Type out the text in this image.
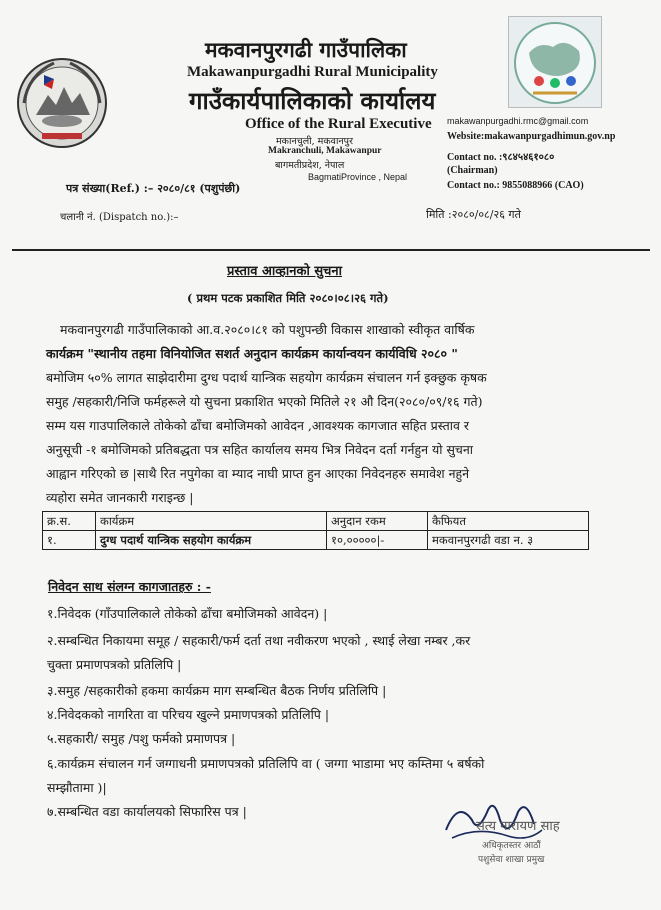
मकवानपुरगढी गाउँपालिका
Makawanpurgadhi Rural Municipality
गाउँकार्यपालिकाको कार्यालय
Office of the Rural Executive
मकानचुली, मकवानपुर
Makranchuli, Makawanpur
बागमतीप्रदेश, नेपाल
BagmatiProvince , Nepal
makawanpurgadhi.rmc@gmail.com
Website:makawanpurgadhimun.gov.np
Contact no. :९८४५४६१०८०
(Chairman)
Contact no.: 9855088966 (CAO)
पत्र संख्या(Ref.) :– २०८०/८१ (पशुपंछी)
चलानी नं. (Dispatch no.):–	मिति :२०८०/०८/२६ गते
प्रस्ताव आव्हानको सुचना
( प्रथम पटक प्रकाशित मिति २०८०।०८।२६ गते)
मकवानपुरगढी गाउँपालिकाको आ.व.२०८०।८१ को पशुपन्छी विकास शाखाको स्वीकृत वार्षिक
कार्यक्रम "स्थानीय तहमा विनियोजित सशर्त अनुदान कार्यक्रम कार्यान्वयन कार्यविधि २०८० "
बमोजिम ५०% लागत साझेदारीमा दुग्ध पदार्थ यान्त्रिक सहयोग कार्यक्रम संचालन गर्न इक्छुक कृषक
समुह /सहकारी/निजि फर्महरूले यो सुचना प्रकाशित भएको मितिले २१ औ दिन(२०८०/०९/१६ गते)
सम्म यस गाउपालिकाले तोकेको ढाँचा बमोजिमको आवेदन ,आवश्यक कागजात सहित प्रस्ताव र
अनुसूची -१ बमोजिमको प्रतिबद्धता पत्र सहित कार्यालय समय भित्र निवेदन दर्ता गर्नहुन यो सुचना
आह्वान गरिएको छ |साथै रित नपुगेका वा म्याद नाघी प्राप्त हुन आएका निवेदनहरु समावेश नहुने
व्यहोरा समेत जानकारी गराइन्छ |
क्र.स.	कार्यक्रम	अनुदान रकम	कैफियत
१.	दुग्ध पदार्थ यान्त्रिक सहयोग कार्यक्रम	१०,०००००|-	मकवानपुरगढी वडा न. ३
निवेदन साथ संलग्न कागजातहरु : -
१.निवेदक (गाँउपालिकाले तोकेको ढाँचा बमोजिमको आवेदन) |
२.सम्बन्धित निकायमा समूह / सहकारी/फर्म दर्ता तथा नवीकरण भएको , स्थाई लेखा नम्बर ,कर
चुक्ता प्रमाणपत्रको प्रतिलिपि |
३.समुह /सहकारीको हकमा कार्यक्रम माग सम्बन्धित बैठक निर्णय प्रतिलिपि |
४.निवेदकको नागरिता वा परिचय खुल्ने प्रमाणपत्रको प्रतिलिपि |
५.सहकारी/ समुह /पशु फर्मको प्रमाणपत्र |
६.कार्यक्रम संचालन गर्न जग्गाधनी प्रमाणपत्रको प्रतिलिपि वा ( जग्गा भाडामा भए कम्तिमा ५ बर्षको
सम्झौतामा )|
७.सम्बन्धित वडा कार्यालयको सिफारिस पत्र |
सत्य नारायण साह
अधिकृतस्तर आठौं
पशुसेवा शाखा प्रमुख
